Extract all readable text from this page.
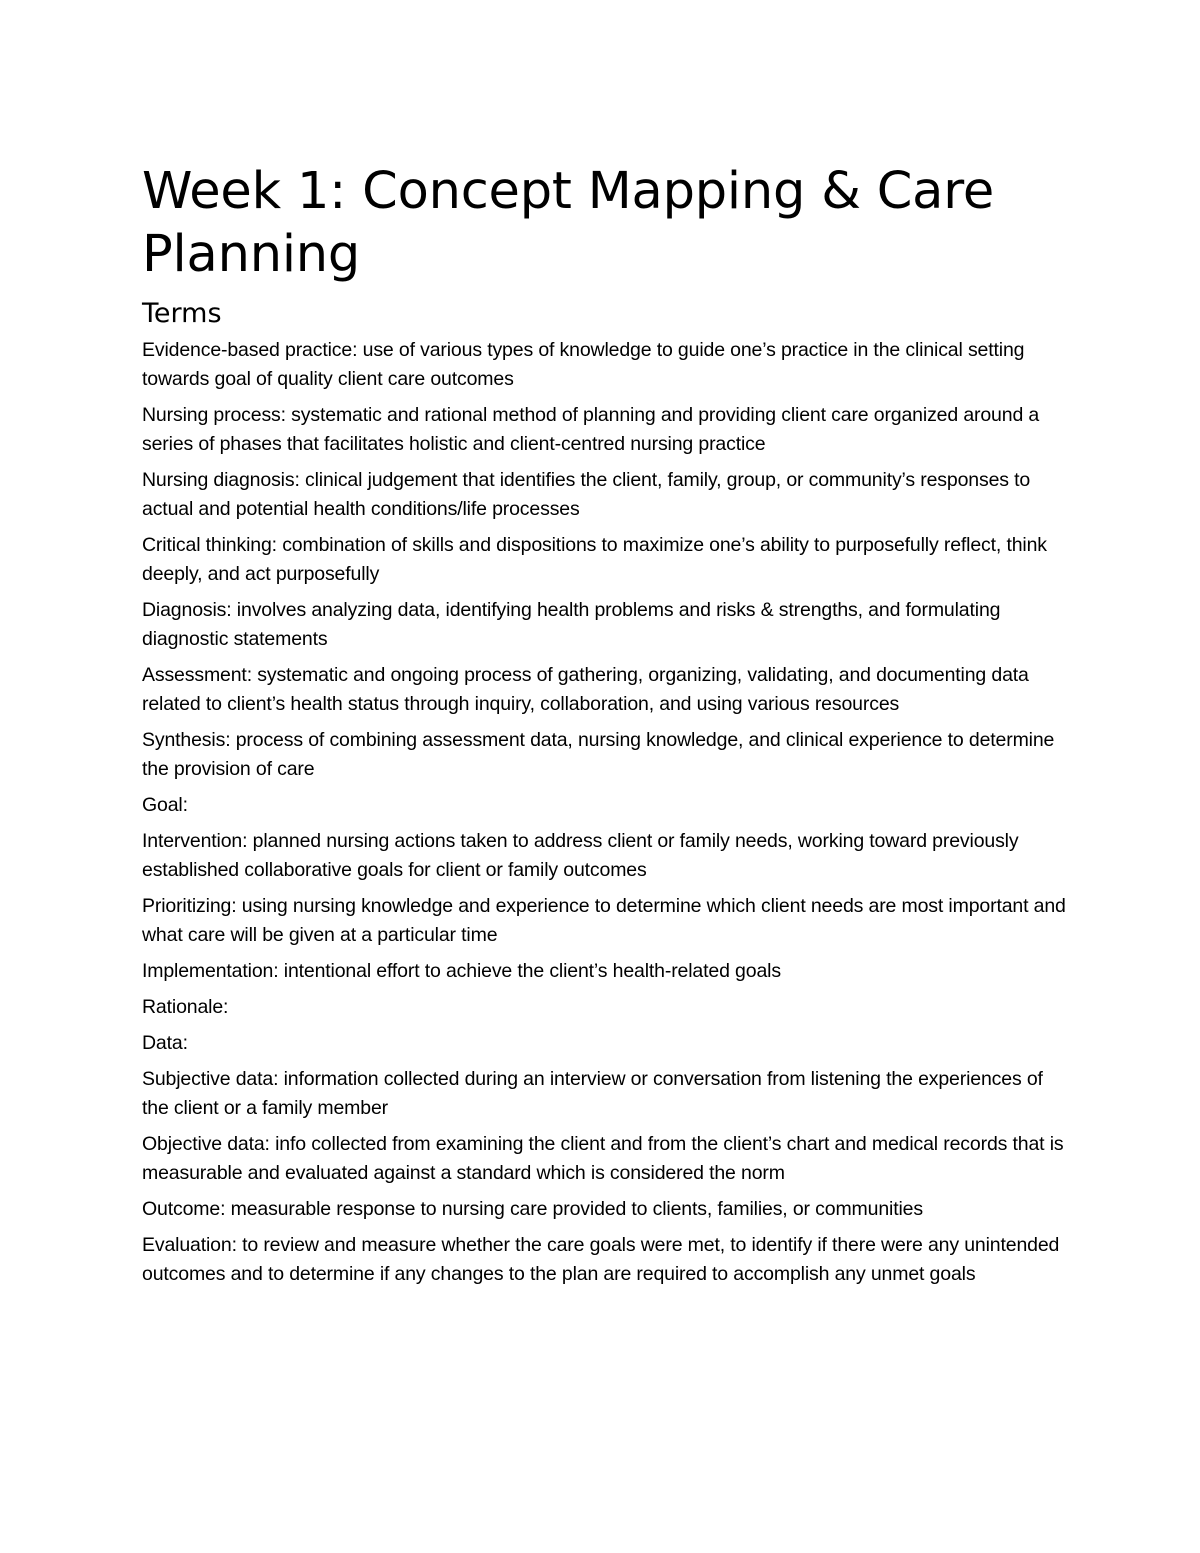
Week 1: Concept Mapping & Care Planning
Terms
Evidence-based practice: use of various types of knowledge to guide one’s practice in the clinical setting towards goal of quality client care outcomes
Nursing process: systematic and rational method of planning and providing client care organized around a series of phases that facilitates holistic and client-centred nursing practice
Nursing diagnosis: clinical judgement that identifies the client, family, group, or community’s responses to actual and potential health conditions/life processes
Critical thinking: combination of skills and dispositions to maximize one’s ability to purposefully reflect, think deeply, and act purposefully
Diagnosis: involves analyzing data, identifying health problems and risks & strengths, and formulating diagnostic statements
Assessment: systematic and ongoing process of gathering, organizing, validating, and documenting data related to client’s health status through inquiry, collaboration, and using various resources
Synthesis: process of combining assessment data, nursing knowledge, and clinical experience to determine the provision of care
Goal:
Intervention: planned nursing actions taken to address client or family needs, working toward previously established collaborative goals for client or family outcomes
Prioritizing: using nursing knowledge and experience to determine which client needs are most important and what care will be given at a particular time
Implementation: intentional effort to achieve the client’s health-related goals
Rationale:
Data:
Subjective data: information collected during an interview or conversation from listening the experiences of the client or a family member
Objective data: info collected from examining the client and from the client’s chart and medical records that is measurable and evaluated against a standard which is considered the norm
Outcome: measurable response to nursing care provided to clients, families, or communities
Evaluation: to review and measure whether the care goals were met, to identify if there were any unintended outcomes and to determine if any changes to the plan are required to accomplish any unmet goals
